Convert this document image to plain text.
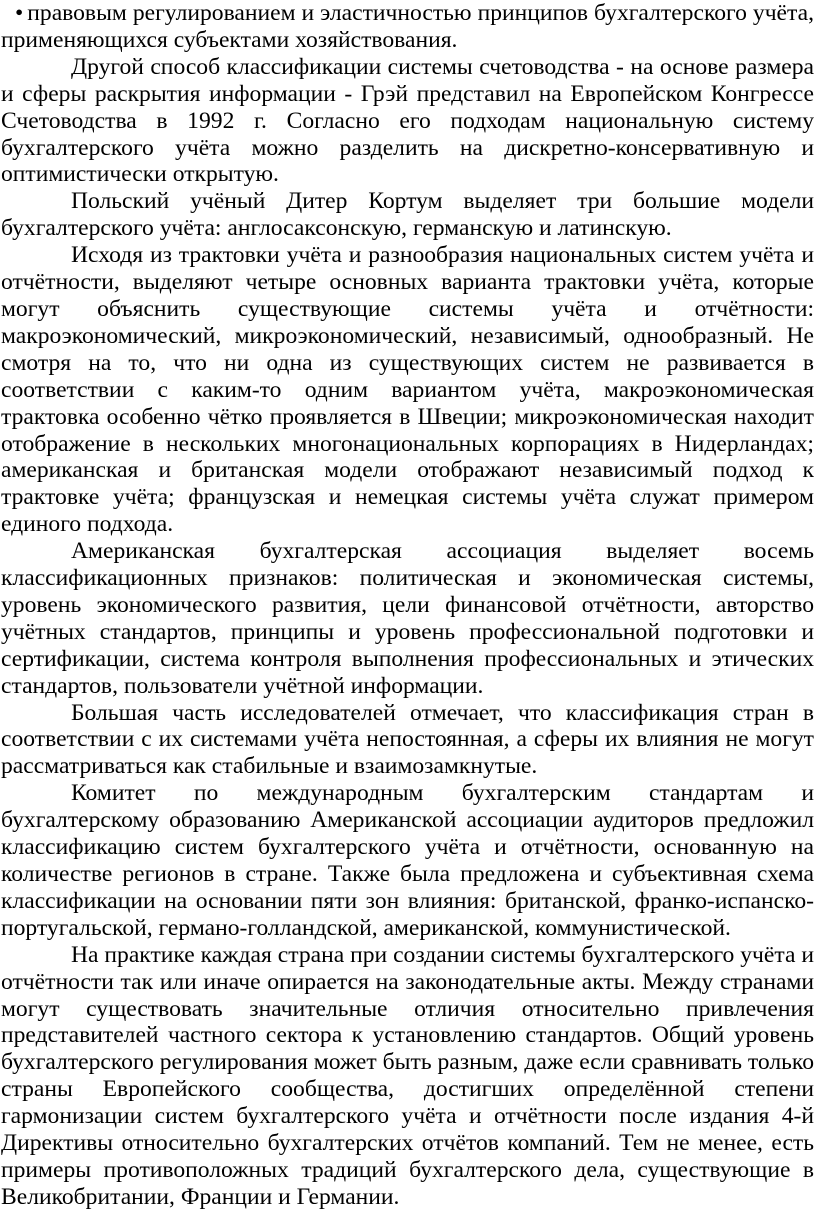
• правовым регулированием и эластичностью принципов бухгалтерского учёта, применяющихся субъектами хозяйствования.

Другой способ классификации системы счетоводства - на основе размера и сферы раскрытия информации - Грэй представил на Европейском Конгрессе Счетоводства в 1992 г. Согласно его подходам национальную систему бухгалтерского учёта можно разделить на дискретно-консервативную и оптимистически открытую.

Польский учёный Дитер Кортум выделяет три большие модели бухгалтерского учёта: англосаксонскую, германскую и латинскую.

Исходя из трактовки учёта и разнообразия национальных систем учёта и отчётности, выделяют четыре основных варианта трактовки учёта, которые могут объяснить существующие системы учёта и отчётности: макроэкономический, микроэкономический, независимый, однообразный. Не смотря на то, что ни одна из существующих систем не развивается в соответствии с каким-то одним вариантом учёта, макроэкономическая трактовка особенно чётко проявляется в Швеции; микроэкономическая находит отображение в нескольких многонациональных корпорациях в Нидерландах; американская и британская модели отображают независимый подход к трактовке учёта; французская и немецкая системы учёта служат примером единого подхода.

Американская бухгалтерская ассоциация выделяет восемь классификационных признаков: политическая и экономическая системы, уровень экономического развития, цели финансовой отчётности, авторство учётных стандартов, принципы и уровень профессиональной подготовки и сертификации, система контроля выполнения профессиональных и этических стандартов, пользователи учётной информации.

Большая часть исследователей отмечает, что классификация стран в соответствии с их системами учёта непостоянная, а сферы их влияния не могут рассматриваться как стабильные и взаимозамкнутые.

Комитет по международным бухгалтерским стандартам и бухгалтерскому образованию Американской ассоциации аудиторов предложил классификацию систем бухгалтерского учёта и отчётности, основанную на количестве регионов в стране. Также была предложена и субъективная схема классификации на основании пяти зон влияния: британской, франко-испанско-португальской, германо-голландской, американской, коммунистической.

На практике каждая страна при создании системы бухгалтерского учёта и отчётности так или иначе опирается на законодательные акты. Между странами могут существовать значительные отличия относительно привлечения представителей частного сектора к установлению стандартов. Общий уровень бухгалтерского регулирования может быть разным, даже если сравнивать только страны Европейского сообщества, достигших определённой степени гармонизации систем бухгалтерского учёта и отчётности после издания 4-й Директивы относительно бухгалтерских отчётов компаний. Тем не менее, есть примеры противоположных традиций бухгалтерского дела, существующие в Великобритании, Франции и Германии.
